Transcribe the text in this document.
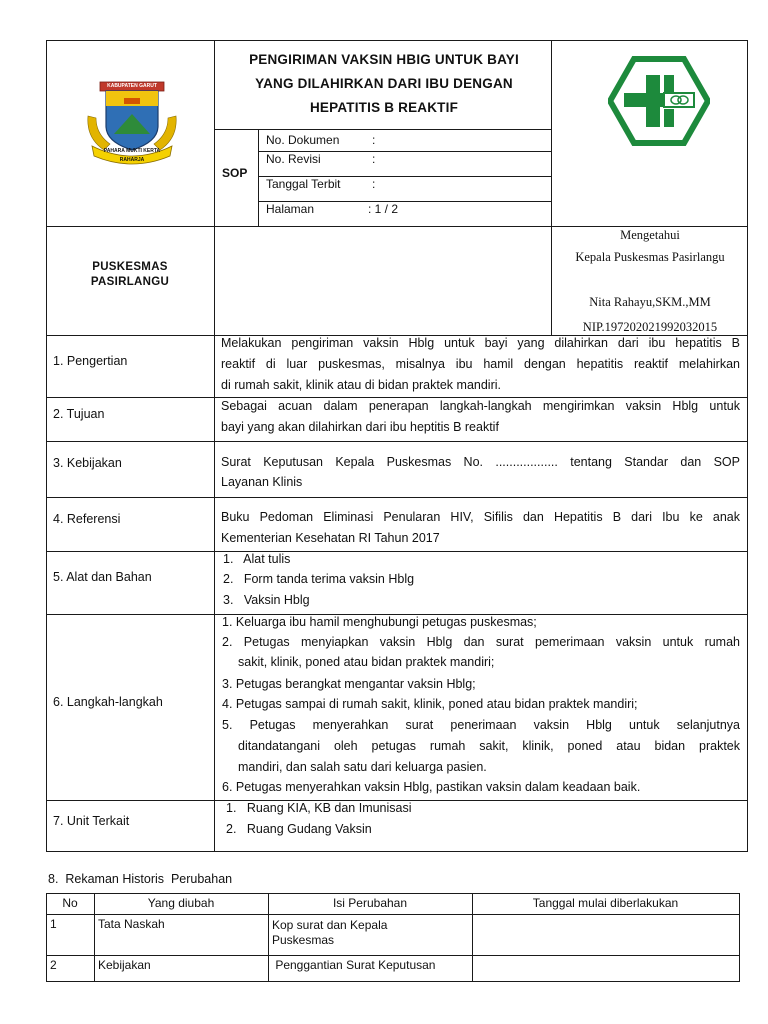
KABUPATEN GARUT
PAHARA MUKTI KERTA RAHARJA
PENGIRIMAN VAKSIN HBIG UNTUK BAYI
YANG DILAHIRKAN DARI IBU DENGAN
HEPATITIS B REAKTIF
SOP
No. Dokumen	:
No. Revisi	:
Tanggal Terbit	:
Halaman	: 1 / 2
PUSKESMAS
PASIRLANGU
Mengetahui
Kepala Puskesmas Pasirlangu
Nita Rahayu,SKM.,MM
NIP.197202021992032015
1. Pengertian
Melakukan pengiriman vaksin Hblg untuk bayi yang dilahirkan dari ibu hepatitis B
reaktif di luar puskesmas, misalnya ibu hamil dengan hepatitis reaktif melahirkan
di rumah sakit, klinik atau di bidan praktek mandiri.
2. Tujuan
Sebagai acuan dalam penerapan langkah-langkah mengirimkan vaksin Hblg untuk
bayi yang akan dilahirkan dari ibu heptitis B reaktif
3. Kebijakan	Surat Keputusan Kepala Puskesmas No. .................. tentang Standar dan SOP
Layanan Klinis
4. Referensi	Buku Pedoman Eliminasi Penularan HIV, Sifilis dan Hepatitis B dari Ibu ke anak
Kementerian Kesehatan RI Tahun 2017
5. Alat dan Bahan
1.   Alat tulis
2.   Form tanda terima vaksin Hblg
3.   Vaksin Hblg
6. Langkah-langkah
1. Keluarga ibu hamil menghubungi petugas puskesmas;
2. Petugas menyiapkan vaksin Hblg dan surat pemerimaan vaksin untuk rumah
sakit, klinik, poned atau bidan praktek mandiri;
3. Petugas berangkat mengantar vaksin Hblg;
4. Petugas sampai di rumah sakit, klinik, poned atau bidan praktek mandiri;
5. Petugas menyerahkan surat penerimaan vaksin Hblg untuk selanjutnya
ditandatangani oleh petugas rumah sakit, klinik, poned atau bidan praktek
mandiri, dan salah satu dari keluarga pasien.
6. Petugas menyerahkan vaksin Hblg, pastikan vaksin dalam keadaan baik.
7. Unit Terkait
1.   Ruang KIA, KB dan Imunisasi
2.   Ruang Gudang Vaksin
8.  Rekaman Historis  Perubahan
No	Yang diubah	Isi Perubahan	Tanggal mulai diberlakukan
1	Tata Naskah	Kop surat dan Kepala Puskesmas
2	Kebijakan	Penggantian Surat Keputusan
